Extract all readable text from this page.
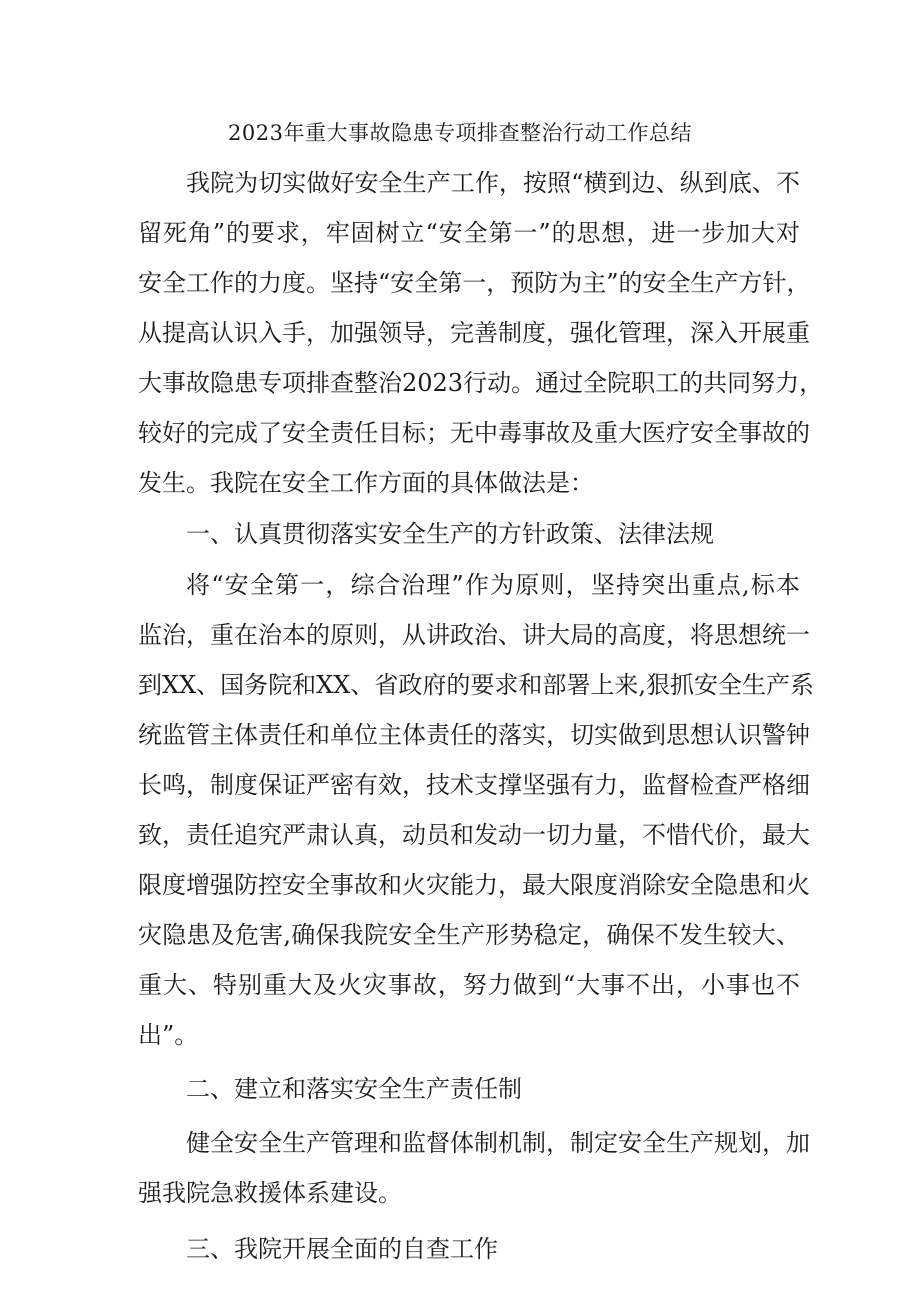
2023年重大事故隐患专项排查整治行动工作总结
我院为切实做好安全生产工作，按照“横到边、纵到底、不
留死角”的要求，牢固树立“安全第一”的思想，进一步加大对
安全工作的力度。坚持“安全第一，预防为主”的安全生产方针，
从提高认识入手，加强领导，完善制度，强化管理，深入开展重
大事故隐患专项排查整治2023行动。通过全院职工的共同努力，
较好的完成了安全责任目标；无中毒事故及重大医疗安全事故的
发生。我院在安全工作方面的具体做法是：
一、认真贯彻落实安全生产的方针政策、法律法规
将“安全第一，综合治理”作为原则，坚持突出重点,标本
监治，重在治本的原则，从讲政治、讲大局的高度，将思想统一
到XX、国务院和XX、省政府的要求和部署上来,狠抓安全生产系
统监管主体责任和单位主体责任的落实，切实做到思想认识警钟
长鸣，制度保证严密有效，技术支撑坚强有力，监督检查严格细
致，责任追究严肃认真，动员和发动一切力量，不惜代价，最大
限度增强防控安全事故和火灾能力，最大限度消除安全隐患和火
灾隐患及危害,确保我院安全生产形势稳定，确保不发生较大、
重大、特别重大及火灾事故，努力做到“大事不出，小事也不
出”。
二、建立和落实安全生产责任制
健全安全生产管理和监督体制机制，制定安全生产规划，加
强我院急救援体系建设。
三、我院开展全面的自查工作
